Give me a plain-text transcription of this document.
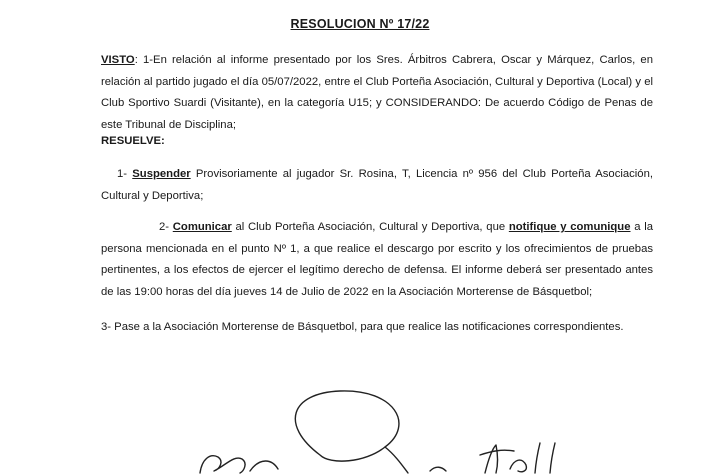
RESOLUCION Nº 17/22

VISTO: 1-En relación al informe presentado por los Sres. Árbitros Cabrera, Oscar y Márquez, Carlos, en relación al partido jugado el día 05/07/2022, entre el Club Porteña Asociación, Cultural y Deportiva (Local) y el Club Sportivo Suardi (Visitante), en la categoría U15; y CONSIDERANDO: De acuerdo Código de Penas de este Tribunal de Disciplina;

RESUELVE:

1- Suspender Provisoriamente al jugador Sr. Rosina, T, Licencia nº 956 del Club Porteña Asociación, Cultural y Deportiva;

2- Comunicar al Club Porteña Asociación, Cultural y Deportiva, que notifique y comunique a la persona mencionada en el punto Nº 1, a que realice el descargo por escrito y los ofrecimientos de pruebas pertinentes, a los efectos de ejercer el legítimo derecho de defensa. El informe deberá ser presentado antes de las 19:00 horas del día jueves 14 de Julio de 2022 en la Asociación Morterense de Básquetbol;

3- Pase a la Asociación Morterense de Básquetbol, para que realice las notificaciones correspondientes.
